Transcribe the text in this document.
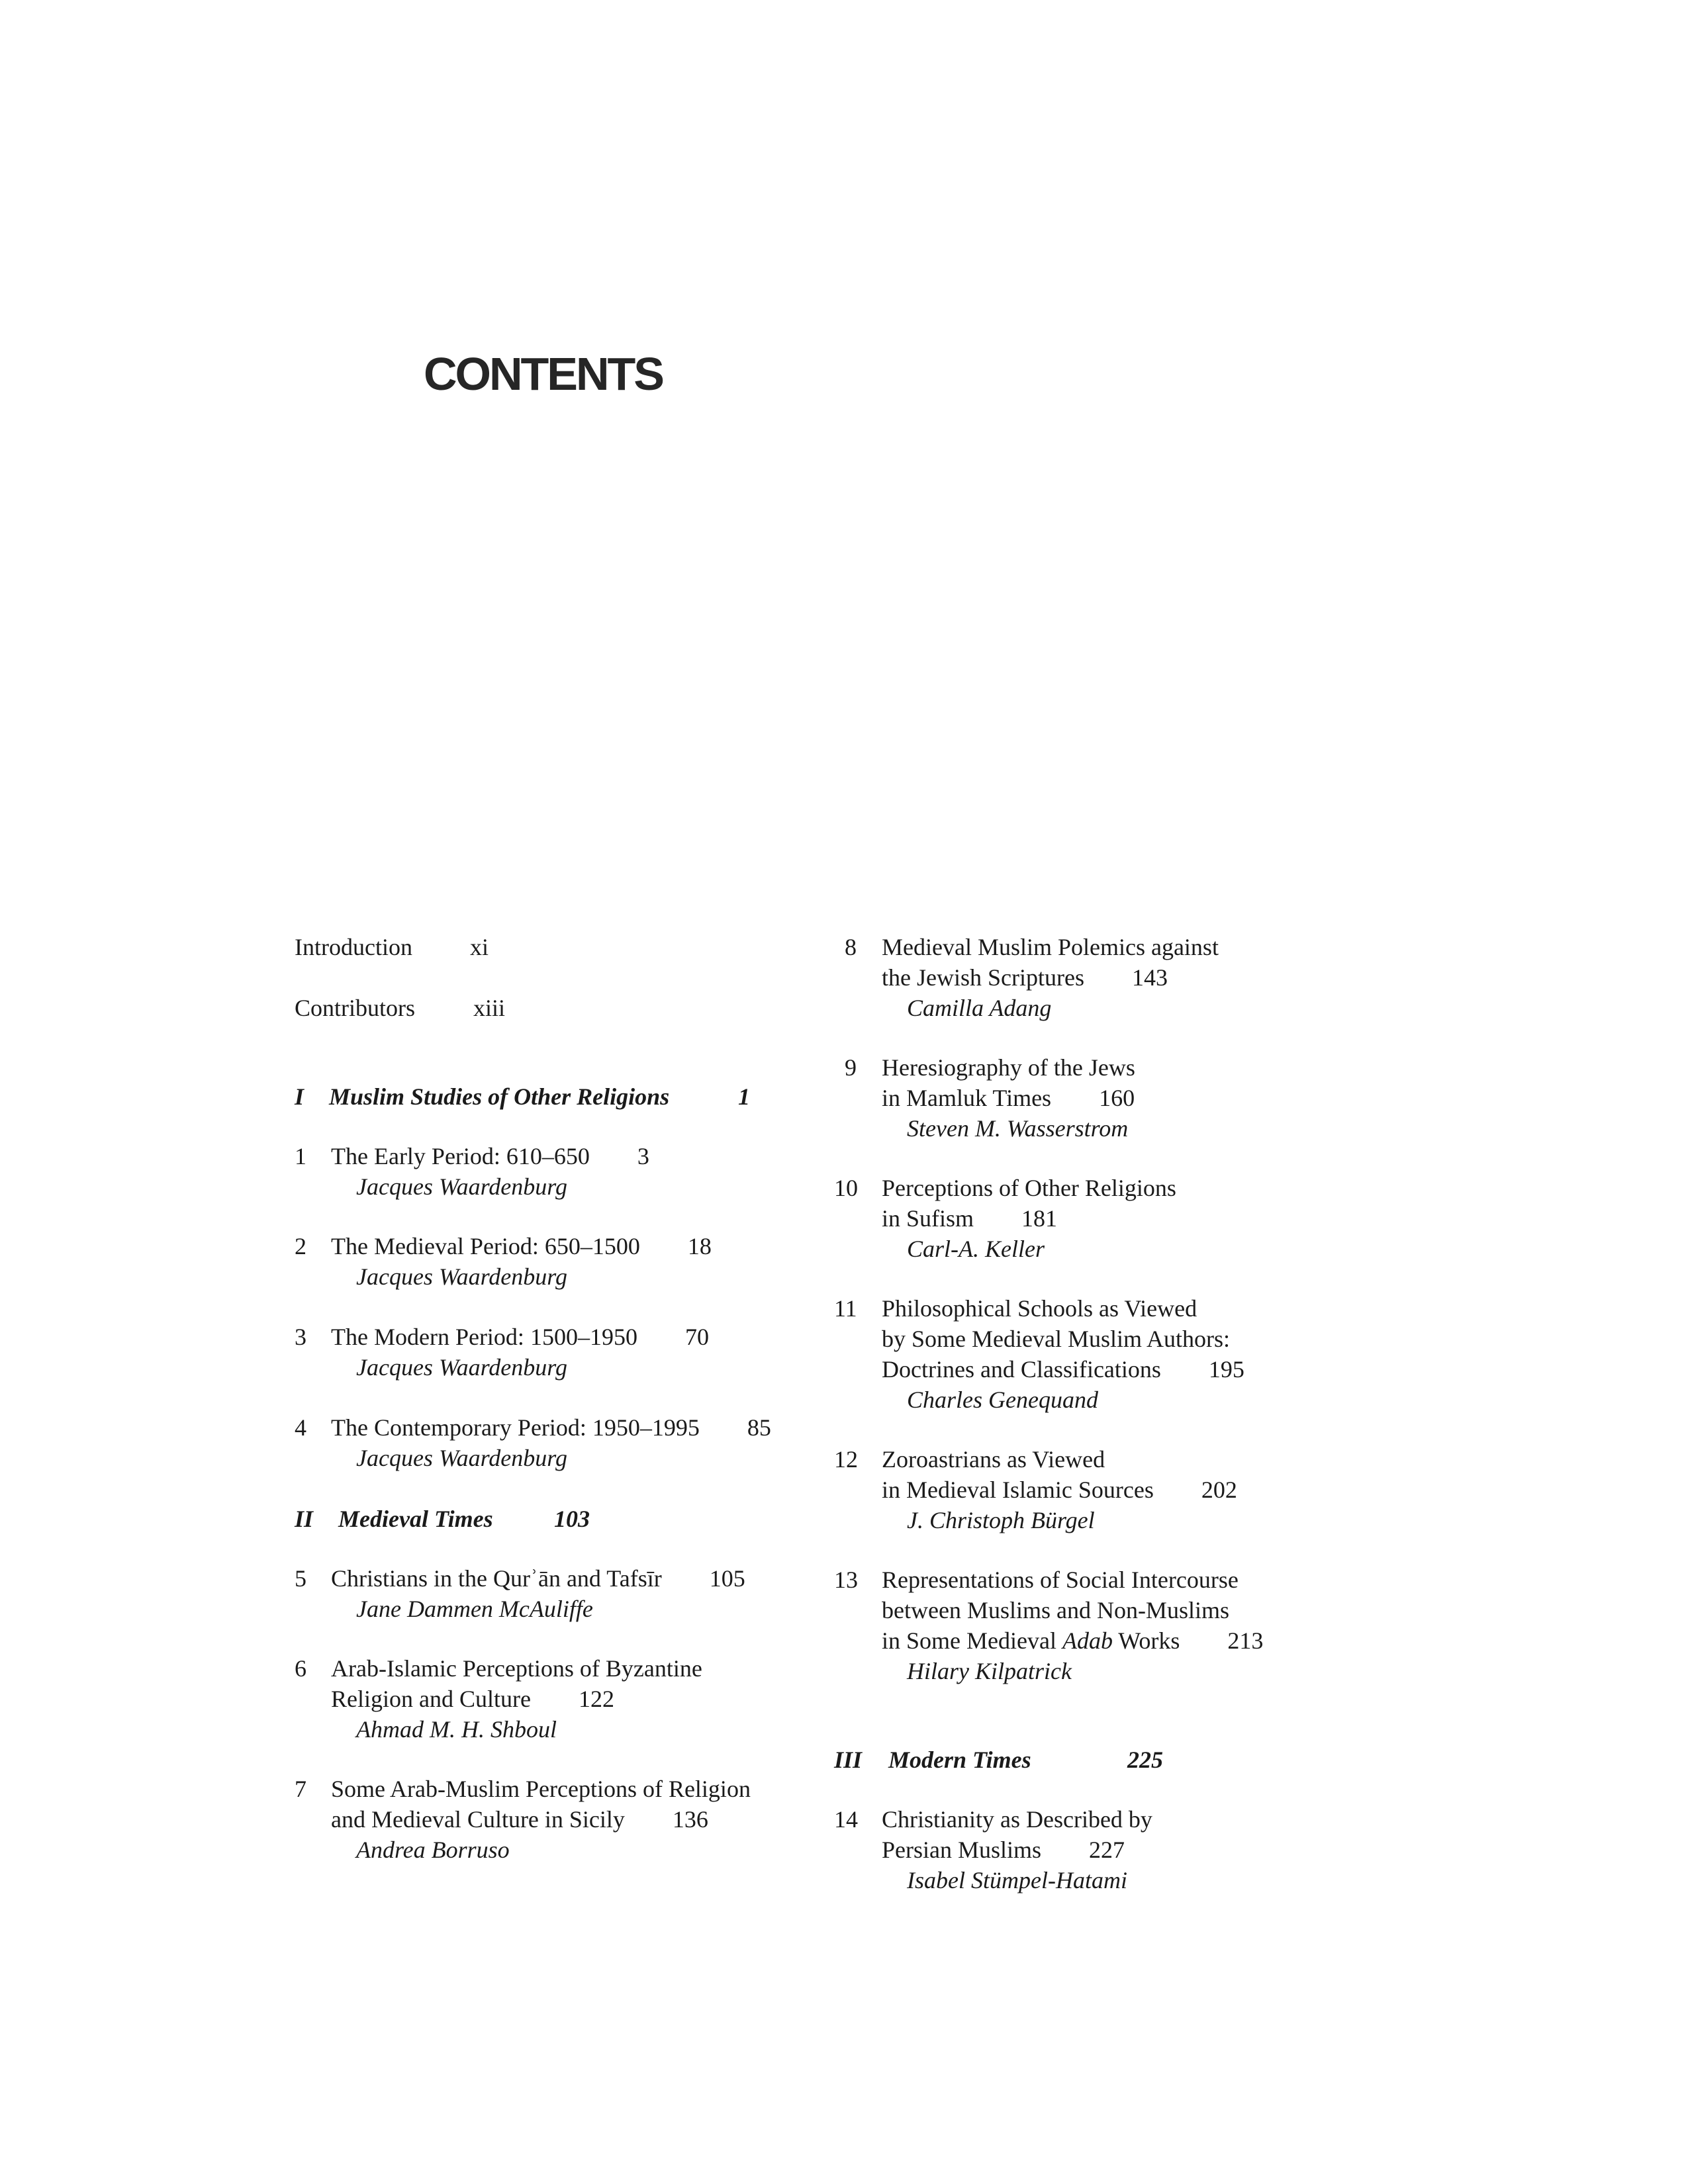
CONTENTS
Introduction xi
Contributors xiii
I Muslim Studies of Other Religions	1
1 The Early Period: 610–650 3
Jacques Waardenburg
2 The Medieval Period: 650–1500 18
Jacques Waardenburg
3 The Modern Period: 1500–1950 70
Jacques Waardenburg
4 The Contemporary Period: 1950–1995 85
Jacques Waardenburg
II Medieval Times	103
5 Christians in the Qurʾān and Tafsīr 105
Jane Dammen McAuliffe
6 Arab-Islamic Perceptions of Byzantine
Religion and Culture 122
Ahmad M. H. Shboul
7 Some Arab-Muslim Perceptions of Religion
and Medieval Culture in Sicily 136
Andrea Borruso
8 Medieval Muslim Polemics against
the Jewish Scriptures 143
Camilla Adang
9 Heresiography of the Jews
in Mamluk Times 160
Steven M. Wasserstrom
10 Perceptions of Other Religions
in Sufism 181
Carl-A. Keller
11 Philosophical Schools as Viewed
by Some Medieval Muslim Authors:
Doctrines and Classifications 195
Charles Genequand
12 Zoroastrians as Viewed
in Medieval Islamic Sources 202
J. Christoph Bürgel
13 Representations of Social Intercourse
between Muslims and Non-Muslims
in Some Medieval Adab Works 213
Hilary Kilpatrick
III Modern Times	225
14 Christianity as Described by
Persian Muslims 227
Isabel Stümpel-Hatami
